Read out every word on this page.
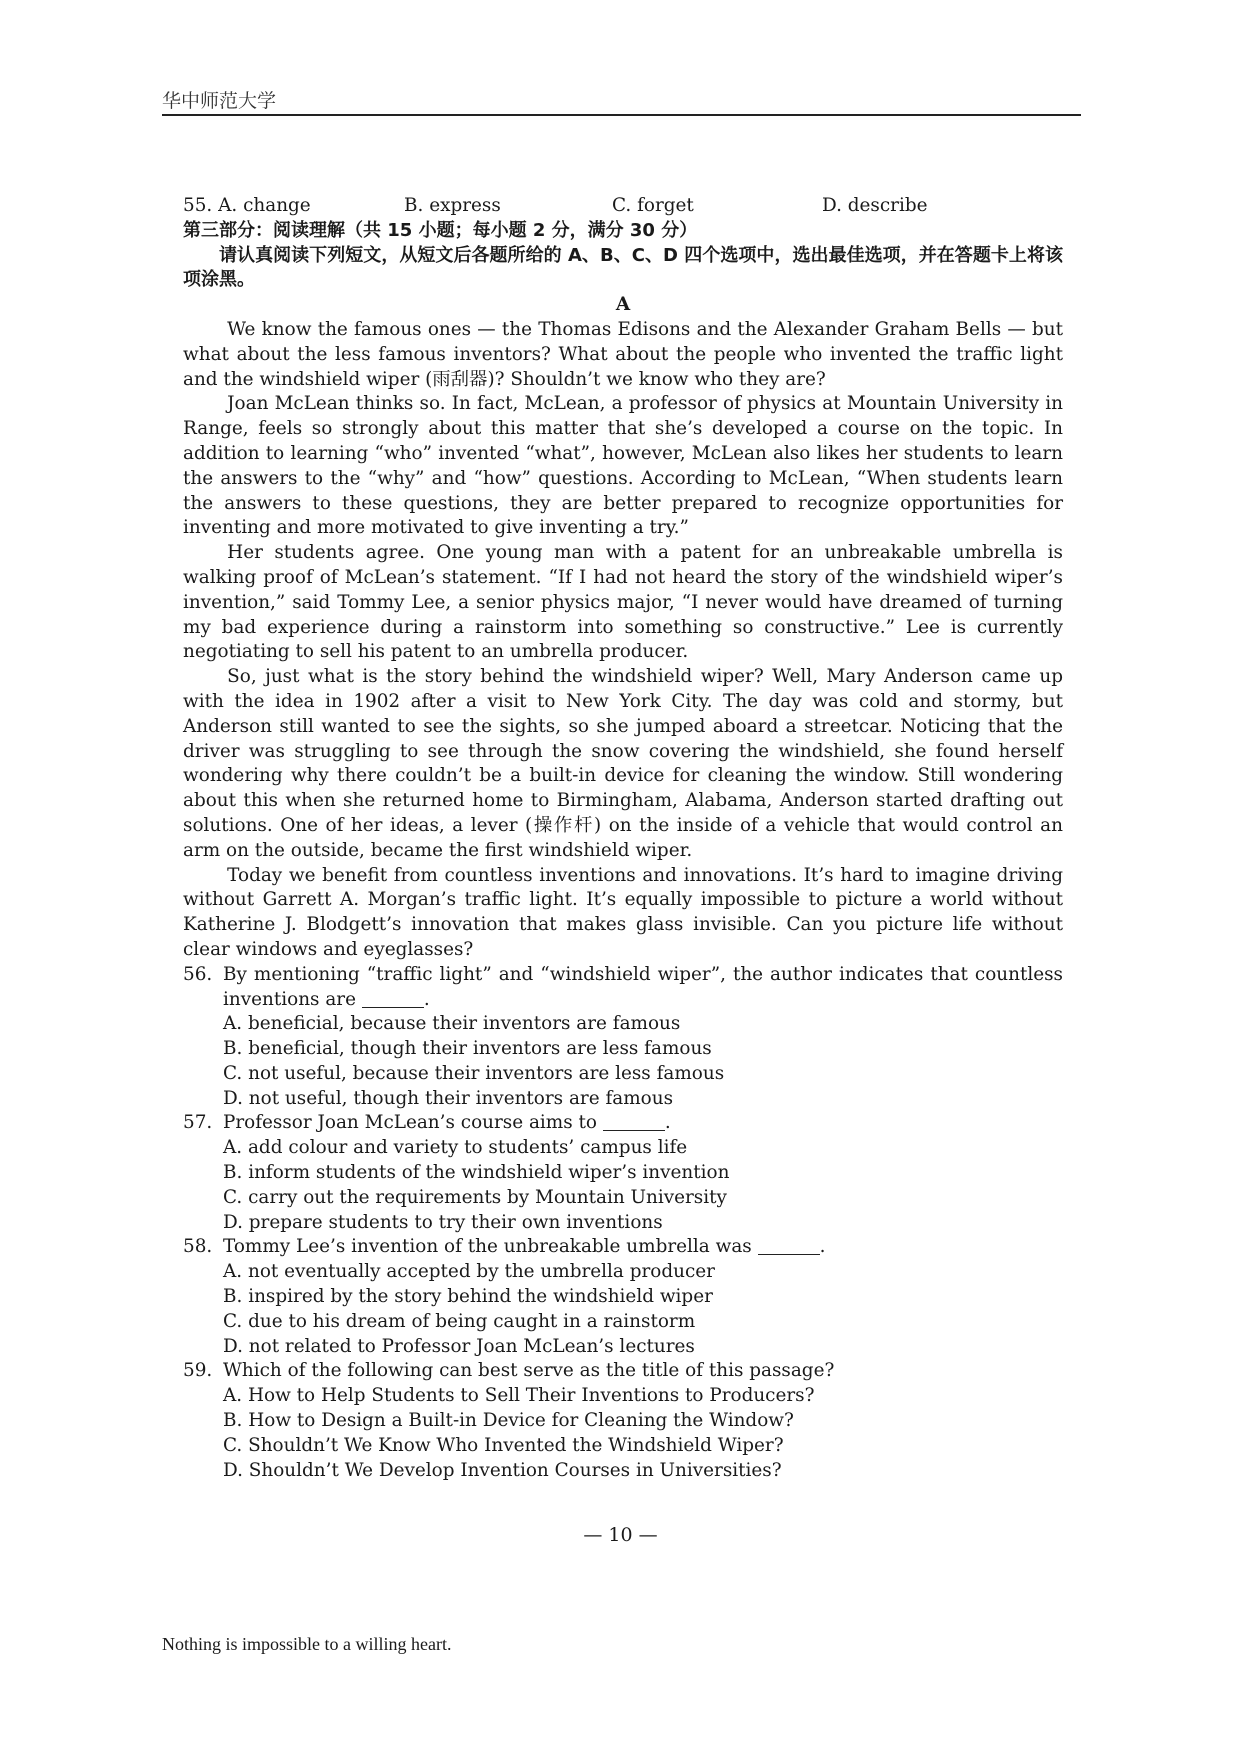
华中师范大学
55. A. change	B. express	C. forget	D. describe

第三部分：阅读理解（共 15 小题；每小题 2 分，满分 30 分）

请认真阅读下列短文，从短文后各题所给的 A、B、C、D 四个选项中，选出最佳选项，并在答题卡上将该项涂黑。

A

We know the famous ones — the Thomas Edisons and the Alexander Graham Bells — but what about the less famous inventors? What about the people who invented the traffic light and the windshield wiper (雨刮器)? Shouldn’t we know who they are?

Joan McLean thinks so. In fact, McLean, a professor of physics at Mountain University in Range, feels so strongly about this matter that she’s developed a course on the topic. In addition to learning “who” invented “what”, however, McLean also likes her students to learn the answers to the “why” and “how” questions. According to McLean, “When students learn the answers to these questions, they are better prepared to recognize opportunities for inventing and more motivated to give inventing a try.”

Her students agree. One young man with a patent for an unbreakable umbrella is walking proof of McLean’s statement. “If I had not heard the story of the windshield wiper’s invention,” said Tommy Lee, a senior physics major, “I never would have dreamed of turning my bad experience during a rainstorm into something so constructive.” Lee is currently negotiating to sell his patent to an umbrella producer.

So, just what is the story behind the windshield wiper? Well, Mary Anderson came up with the idea in 1902 after a visit to New York City. The day was cold and stormy, but Anderson still wanted to see the sights, so she jumped aboard a streetcar. Noticing that the driver was struggling to see through the snow covering the windshield, she found herself wondering why there couldn’t be a built-in device for cleaning the window. Still wondering about this when she returned home to Birmingham, Alabama, Anderson started drafting out solutions. One of her ideas, a lever (操作杆) on the inside of a vehicle that would control an arm on the outside, became the first windshield wiper.

Today we benefit from countless inventions and innovations. It’s hard to imagine driving without Garrett A. Morgan’s traffic light. It’s equally impossible to picture a world without Katherine J. Blodgett’s innovation that makes glass invisible. Can you picture life without clear windows and eyeglasses?

56. By mentioning “traffic light” and “windshield wiper”, the author indicates that countless inventions are	.
A. beneficial, because their inventors are famous
B. beneficial, though their inventors are less famous
C. not useful, because their inventors are less famous
D. not useful, though their inventors are famous
57. Professor Joan McLean’s course aims to	.
A. add colour and variety to students’ campus life
B. inform students of the windshield wiper’s invention
C. carry out the requirements by Mountain University
D. prepare students to try their own inventions
58. Tommy Lee’s invention of the unbreakable umbrella was	.
A. not eventually accepted by the umbrella producer
B. inspired by the story behind the windshield wiper
C. due to his dream of being caught in a rainstorm
D. not related to Professor Joan McLean’s lectures
59. Which of the following can best serve as the title of this passage?
A. How to Help Students to Sell Their Inventions to Producers?
B. How to Design a Built-in Device for Cleaning the Window?
C. Shouldn’t We Know Who Invented the Windshield Wiper?
D. Shouldn’t We Develop Invention Courses in Universities?
— 10 —
Nothing is impossible to a willing heart.
